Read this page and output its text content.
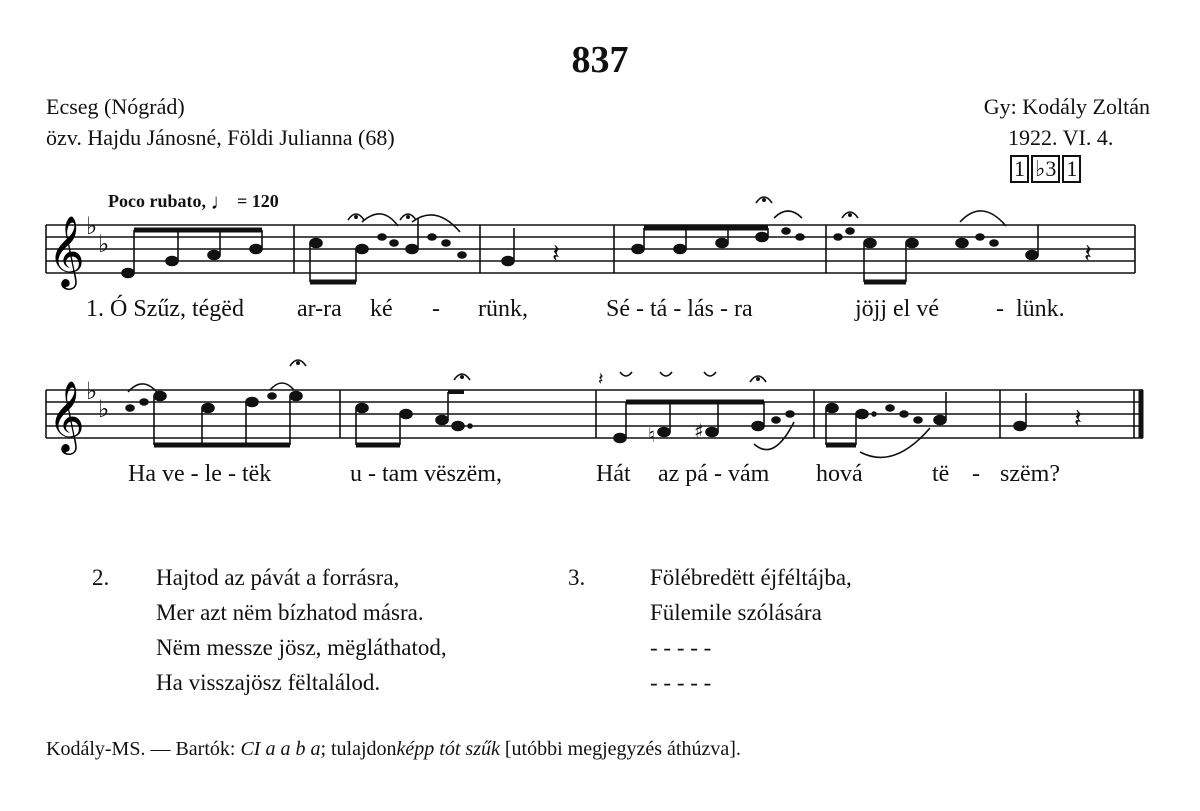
837
Ecseg (Nógrád)
özv. Hajdu Jánosné, Földi Julianna (68)
Gy: Kodály Zoltán
1922. VI. 4.
1 ♭3 1
Poco rubato, ♩ = 120
𝄞
𝄞
♭
♭
♭
♭
𝄽	𝄽
♮ ♯	𝄽
𝄽
1. Ó Szűz, tégëd ar-ra ké - rünk,	Sé - tá - lás - ra	jöjj el vé - lünk.
Ha ve - le - tëk	u - tam vëszëm,	Hát az pá - vám hová	të - szëm?
2. Hajtod az pávát a forrásra,
Mer azt nëm bízhatod másra.
Nëm messze jösz, mëgláthatod,
Ha visszajösz fëltalálod.
3.	Fölébredëtt éjféltájba,
Fülemile szólására
- - - - -
- - - - -
Kodály-MS. — Bartók: CI a a b a; tulajdonképp tót szűk [utóbbi megjegyzés áthúzva].
